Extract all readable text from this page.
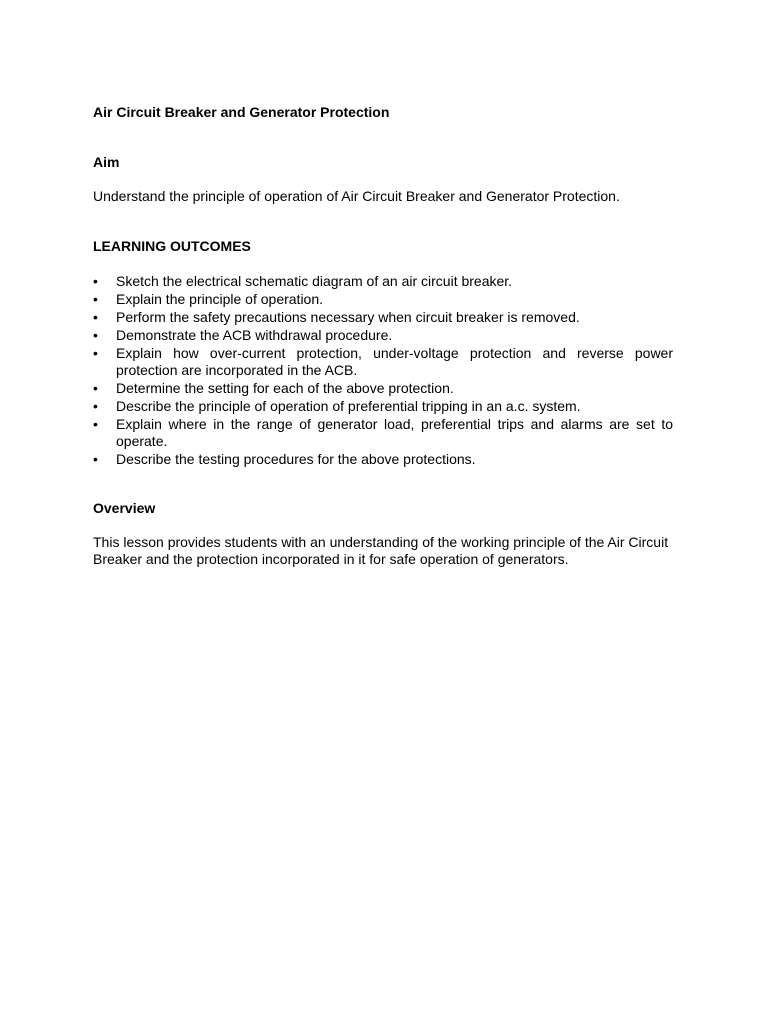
Air Circuit Breaker and Generator Protection

Aim

Understand the principle of operation of Air Circuit Breaker and Generator Protection.

LEARNING OUTCOMES

•	Sketch the electrical schematic diagram of an air circuit breaker.
•	Explain the principle of operation.
•	Perform the safety precautions necessary when circuit breaker is removed.
•	Demonstrate the ACB withdrawal procedure.
•	Explain how over-current protection, under-voltage protection and reverse power protection are incorporated in the ACB.
•	Determine the setting for each of the above protection.
•	Describe the principle of operation of preferential tripping in an a.c. system.
•	Explain where in the range of generator load, preferential trips and alarms are set to operate.
•	Describe the testing procedures for the above protections.

Overview

This lesson provides students with an understanding of the working principle of the Air Circuit Breaker and the protection incorporated in it for safe operation of generators.
